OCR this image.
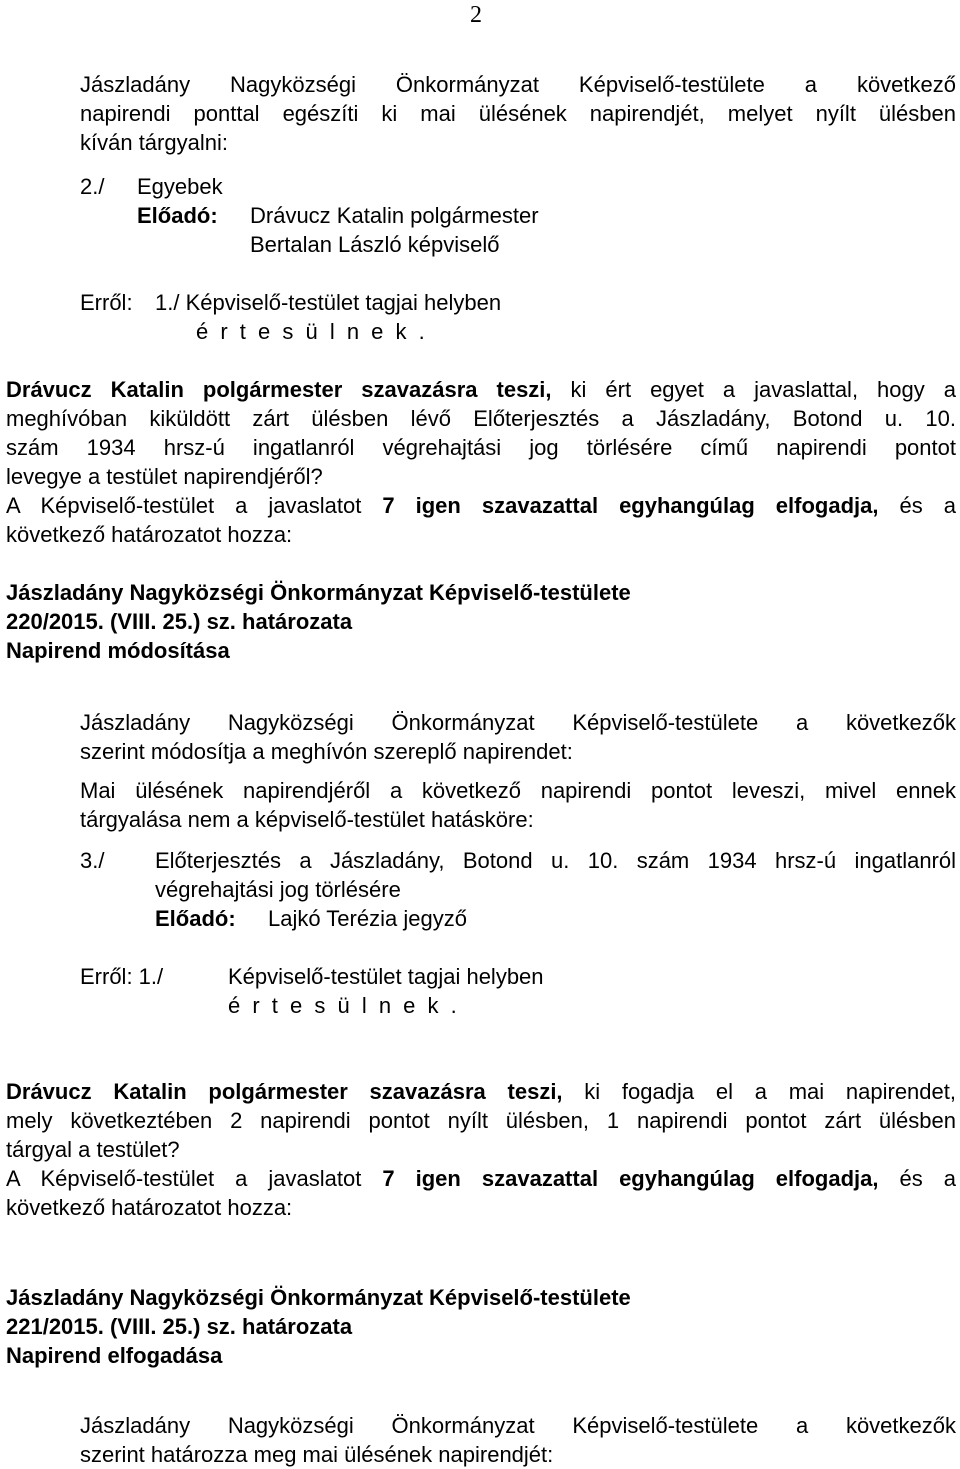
2
Jászladány Nagyközségi Önkormányzat Képviselő-testülete a következő
napirendi ponttal egészíti ki mai ülésének napirendjét, melyet nyílt ülésben
kíván tárgyalni:
2./ Egyebek
Előadó: Drávucz Katalin polgármester
Bertalan László képviselő
Erről: 1./ Képviselő-testület tagjai helyben
é r t e s ü l n e k .
Drávucz Katalin polgármester szavazásra teszi, ki ért egyet a javaslattal, hogy a
meghívóban kiküldött zárt ülésben lévő Előterjesztés a Jászladány, Botond u. 10.
szám 1934 hrsz-ú ingatlanról végrehajtási jog törlésére című napirendi pontot
levegye a testület napirendjéről?
A Képviselő-testület a javaslatot 7 igen szavazattal egyhangúlag elfogadja, és a
következő határozatot hozza:
Jászladány Nagyközségi Önkormányzat Képviselő-testülete
220/2015. (VIII. 25.) sz. határozata
Napirend módosítása
Jászladány Nagyközségi Önkormányzat Képviselő-testülete a következők
szerint módosítja a meghívón szereplő napirendet:
Mai ülésének napirendjéről a következő napirendi pontot leveszi, mivel ennek
tárgyalása nem a képviselő-testület hatásköre:
3./ Előterjesztés a Jászladány, Botond u. 10. szám 1934 hrsz-ú ingatlanról
végrehajtási jog törlésére
Előadó: Lajkó Terézia jegyző
Erről: 1./	Képviselő-testület tagjai helyben
é r t e s ü l n e k .
Drávucz Katalin polgármester szavazásra teszi, ki fogadja el a mai napirendet,
mely következtében 2 napirendi pontot nyílt ülésben, 1 napirendi pontot zárt ülésben
tárgyal a testület?
A Képviselő-testület a javaslatot 7 igen szavazattal egyhangúlag elfogadja, és a
következő határozatot hozza:
Jászladány Nagyközségi Önkormányzat Képviselő-testülete
221/2015. (VIII. 25.) sz. határozata
Napirend elfogadása
Jászladány Nagyközségi Önkormányzat Képviselő-testülete a következők
szerint határozza meg mai ülésének napirendjét:
